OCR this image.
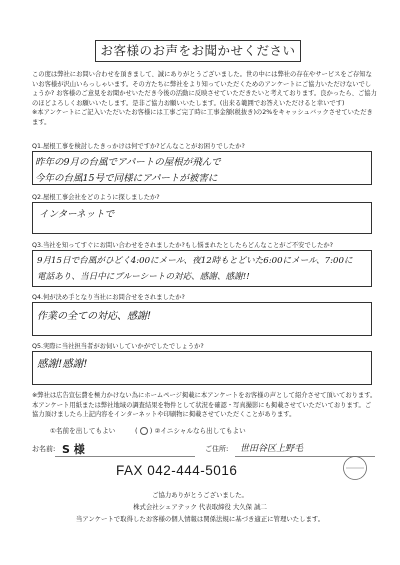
お客様のお声をお聞かせください
この度は弊社にお問い合わせを頂きまして、誠にありがとうございました。世の中には弊社の存在やサービスをご存知ないお客様が沢山いらっしゃいます。その方たちに弊社をより知っていただくためのアンケートにご協力いただけないでしょうか? お客様のご意見をお聞かせいただき今後の活動に反映させていただきたいと考えております。良かったら、ご協力のほどよろしくお願いいたします。是非ご協力お願いいたします。(出来る範囲でお答えいただけると幸いです)
※本アンケートにご記入いただいたお客様には工事ご完了時に工事金額(税抜き)の2%をキャッシュバックさせていただきます。
Q1.屋根工事を検討したきっかけは何ですか?どんなことがお困りでしたか?
昨年の9月の台風でアパートの屋根が飛んで
今年の台風15号で同様にアパートが被害に
Q2.屋根工事会社をどのように探しましたか?
インターネットで
Q3.当社を知ってすぐにお問い合わせをされましたか?もし悩まれたとしたらどんなことがご不安でしたか?
9月15日で台風がひどく4:00にメール、夜12時もとどいた6:00にメール、7:00に
電話あり、当日中にブルーシートの対応、感謝、感謝!!
Q4.何が決め手となり当社にお問合せをされましたか?
作業の全ての対応、感謝!
Q5.実際に当社担当者がお伺いしていかがでしたでしょうか?
感謝!感謝!
※弊社は広告宣伝費を極力かけない為にホームページ掲載に本アンケートをお客様の声として紹介させて頂いております。本アンケート用紙または弊社地域の調査結果を物件として状況を確認・写真撮影にも掲載させていただいております。ご協力頂けましたら上記内容をインターネットや印刷物に掲載させていただくことがあります。
①名前を出してもよい	( ) ②イニシャルなら出してもよい
お名前: S 様	ご住所: 世田谷区上野毛
FAX 042-444-5016
ご協力ありがとうございました。
株式会社シェアテック 代表取締役 大久保 誠二
当アンケートで取得したお客様の個人情報は関係法規に基づき適正に管理いたします。
